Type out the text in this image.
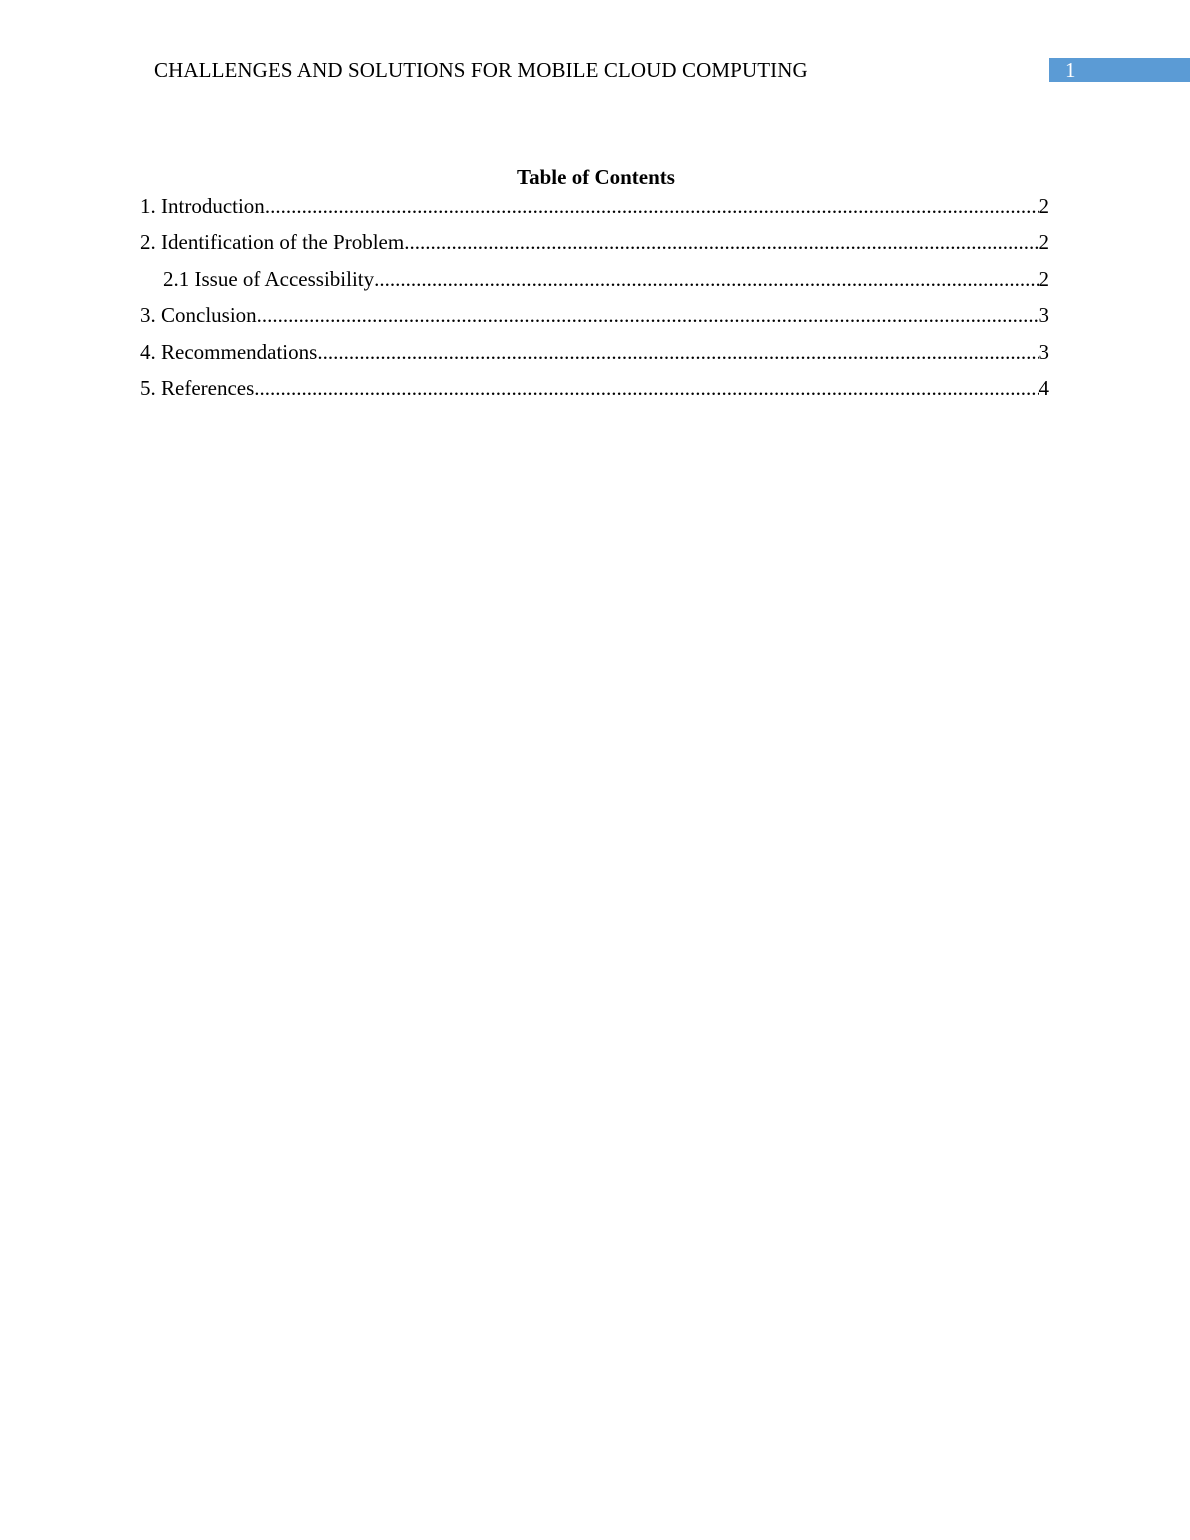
CHALLENGES AND SOLUTIONS FOR MOBILE CLOUD COMPUTING	1
Table of Contents
1. Introduction .....	2
2. Identification of the Problem .....	2
2.1 Issue of Accessibility .....	2
3. Conclusion .....	3
4. Recommendations .....	3
5. References .....	4
